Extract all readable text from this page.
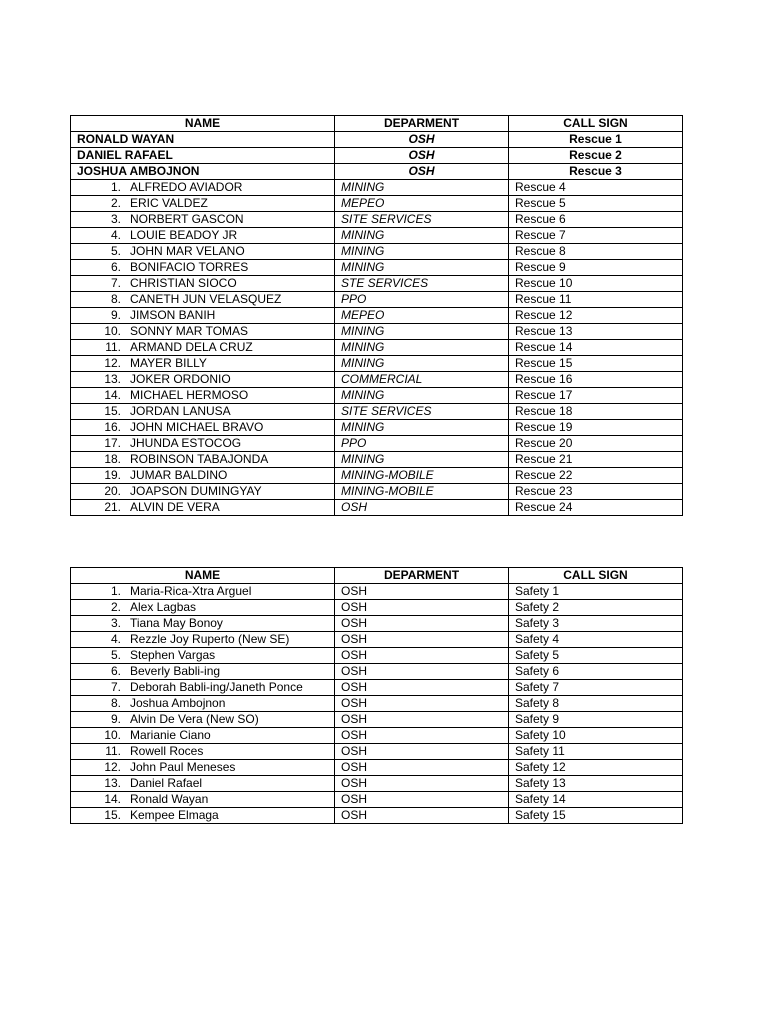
NAME	DEPARMENT	CALL SIGN
RONALD WAYAN	OSH	Rescue 1
DANIEL RAFAEL	OSH	Rescue 2
JOSHUA AMBOJNON	OSH	Rescue 3
1. ALFREDO AVIADOR	MINING	Rescue 4
2. ERIC VALDEZ	MEPEO	Rescue 5
3. NORBERT GASCON	SITE SERVICES	Rescue 6
4. LOUIE BEADOY JR	MINING	Rescue 7
5. JOHN MAR VELANO	MINING	Rescue 8
6. BONIFACIO TORRES	MINING	Rescue 9
7. CHRISTIAN SIOCO	STE SERVICES	Rescue 10
8. CANETH JUN VELASQUEZ	PPO	Rescue 11
9. JIMSON BANIH	MEPEO	Rescue 12
10. SONNY MAR TOMAS	MINING	Rescue 13
11. ARMAND DELA CRUZ	MINING	Rescue 14
12. MAYER BILLY	MINING	Rescue 15
13. JOKER ORDONIO	COMMERCIAL	Rescue 16
14. MICHAEL HERMOSO	MINING	Rescue 17
15. JORDAN LANUSA	SITE SERVICES	Rescue 18
16. JOHN MICHAEL BRAVO	MINING	Rescue 19
17. JHUNDA ESTOCOG	PPO	Rescue 20
18. ROBINSON TABAJONDA	MINING	Rescue 21
19. JUMAR BALDINO	MINING-MOBILE	Rescue 22
20. JOAPSON DUMINGYAY	MINING-MOBILE	Rescue 23
21. ALVIN DE VERA	OSH	Rescue 24
NAME	DEPARMENT	CALL SIGN
1. Maria-Rica-Xtra Arguel	OSH	Safety 1
2. Alex Lagbas	OSH	Safety 2
3. Tiana May Bonoy	OSH	Safety 3
4. Rezzle Joy Ruperto (New SE)	OSH	Safety 4
5. Stephen Vargas	OSH	Safety 5
6. Beverly Babli-ing	OSH	Safety 6
7. Deborah Babli-ing/Janeth Ponce	OSH	Safety 7
8. Joshua Ambojnon	OSH	Safety 8
9. Alvin De Vera (New SO)	OSH	Safety 9
10. Marianie Ciano	OSH	Safety 10
11. Rowell Roces	OSH	Safety 11
12. John Paul Meneses	OSH	Safety 12
13. Daniel Rafael	OSH	Safety 13
14. Ronald Wayan	OSH	Safety 14
15. Kempee Elmaga	OSH	Safety 15
